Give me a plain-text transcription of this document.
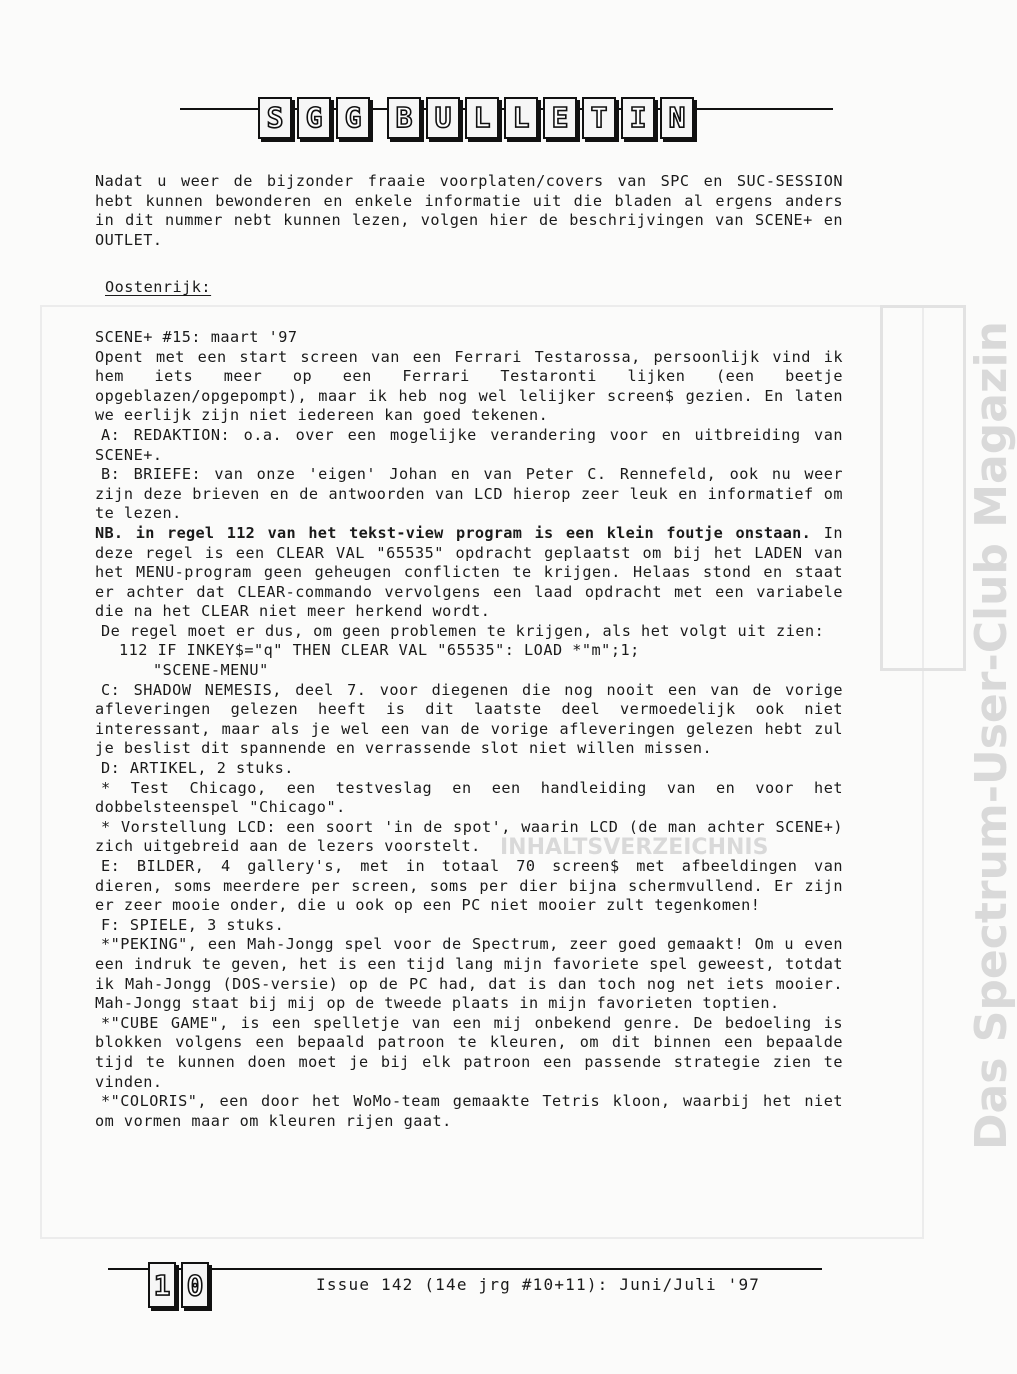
Das Spectrum-User-Club Magazin
INHALTSVERZEICHNIS
S G G	B U L L E T I N

Nadat u weer de bijzonder fraaie voorplaten/covers van SPC en SUC-SESSION hebt kunnen bewonderen en enkele informatie uit die bladen al ergens anders in dit nummer nebt kunnen lezen, volgen hier de beschrijvingen van SCENE+ en OUTLET.

Oostenrijk:

SCENE+ #15: maart '97

Opent met een start screen van een Ferrari Testarossa, persoonlijk vind ik hem iets meer op een Ferrari Testaronti lijken (een beetje opgeblazen/opgepompt), maar ik heb nog wel lelijker screen$ gezien. En laten we eerlijk zijn niet iedereen kan goed tekenen.

A: REDAKTION: o.a. over een mogelijke verandering voor en uitbreiding van SCENE+.

B: BRIEFE: van onze 'eigen' Johan en van Peter C. Rennefeld, ook nu weer zijn deze brieven en de antwoorden van LCD hierop zeer leuk en informatief om te lezen.

NB. in regel 112 van het tekst-view program is een klein foutje onstaan. In deze regel is een CLEAR VAL "65535" opdracht geplaatst om bij het LADEN van het MENU-program geen geheugen conflicten te krijgen. Helaas stond en staat er achter dat CLEAR-commando vervolgens een laad opdracht met een variabele die na het CLEAR niet meer herkend wordt.

De regel moet er dus, om geen problemen te krijgen, als het volgt uit zien:

112 IF INKEY$="q" THEN CLEAR VAL "65535": LOAD *"m";1;

"SCENE-MENU"

C: SHADOW NEMESIS, deel 7. voor diegenen die nog nooit een van de vorige afleveringen gelezen heeft is dit laatste deel vermoedelijk ook niet interessant, maar als je wel een van de vorige afleveringen gelezen hebt zul je beslist dit spannende en verrassende slot niet willen missen.

D: ARTIKEL, 2 stuks.

* Test Chicago, een testveslag en een handleiding van en voor het dobbelsteenspel "Chicago".

* Vorstellung LCD: een soort 'in de spot', waarin LCD (de man achter SCENE+) zich uitgebreid aan de lezers voorstelt.

E: BILDER, 4 gallery's, met in totaal 70 screen$ met afbeeldingen van dieren, soms meerdere per screen, soms per dier bijna schermvullend. Er zijn er zeer mooie onder, die u ook op een PC niet mooier zult tegenkomen!

F: SPIELE, 3 stuks.

*"PEKING", een Mah-Jongg spel voor de Spectrum, zeer goed gemaakt! Om u even een indruk te geven, het is een tijd lang mijn favoriete spel geweest, totdat ik Mah-Jongg (DOS-versie) op de PC had, dat is dan toch nog net iets mooier. Mah-Jongg staat bij mij op de tweede plaats in mijn favorieten toptien.

*"CUBE GAME", is een spelletje van een mij onbekend genre. De bedoeling is blokken volgens een bepaald patroon te kleuren, om dit binnen een bepaalde tijd te kunnen doen moet je bij elk patroon een passende strategie zien te vinden.

*"COLORIS", een door het WoMo-team gemaakte Tetris kloon, waarbij het niet om vormen maar om kleuren rijen gaat.

1 0	Issue 142 (14e jrg #10+11): Juni/Juli '97
